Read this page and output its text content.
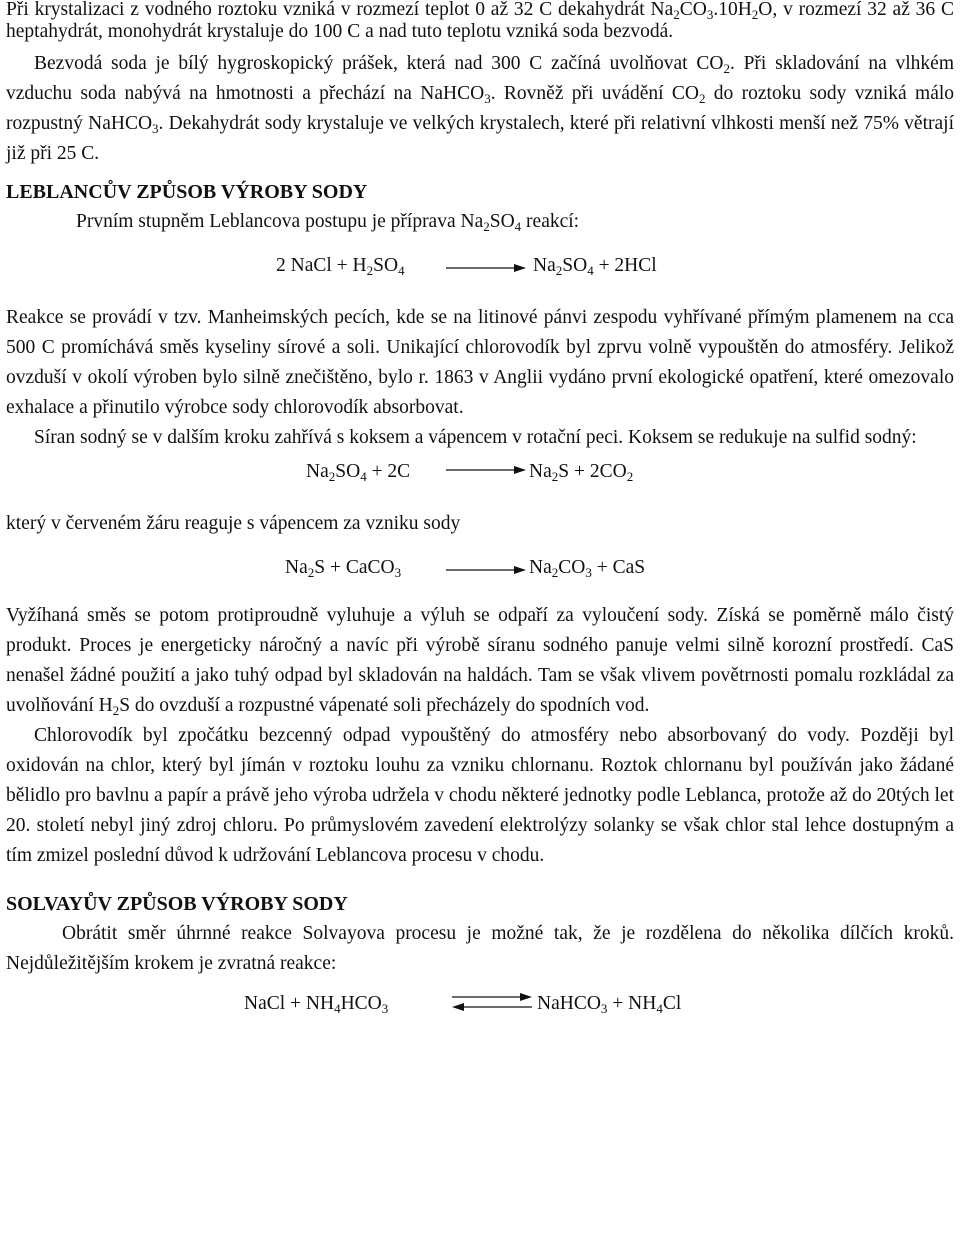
Při krystalizaci z vodného roztoku vzniká v rozmezí teplot 0 až 32 C dekahydrát $Na_2CO_3.10H_2O$, v rozmezí 32 až 36 C heptahydrát, monohydrát krystaluje do 100 C a nad tuto teplotu vzniká soda bezvodá.

Bezvodá soda je bílý hygroskopický prášek, která nad 300 C začíná uvolňovat $CO_2$. Při skladování na vlhkém vzduchu soda nabývá na hmotnosti a přechází na NaHCO$_3$. Rovněž při uvádění $CO_2$ do roztoku sody vzniká málo rozpustný NaHCO$_3$. Dekahydrát sody krystaluje ve velkých krystalech, které při relativní vlhkosti menší než 75% větrají již při 25 C.

LEBLANCŮV ZPŮSOB VÝROBY SODY

Prvním stupněm Leblancova postupu je příprava $Na_2SO_4$ reakcí:

2 NaCl + $H_2SO_4$	$Na_2SO_4 + 2HCl$

Reakce se provádí v tzv. Manheimských pecích, kde se na litinové pánvi zespodu vyhřívané přímým plamenem na cca 500 C promíchává směs kyseliny sírové a soli. Unikající chlorovodík byl zprvu volně vypouštěn do atmosféry. Jelikož ovzduší v okolí výroben bylo silně znečištěno, bylo r. 1863 v Anglii vydáno první ekologické opatření, které omezovalo exhalace a přinutilo výrobce sody chlorovodík absorbovat.

Síran sodný se v dalším kroku zahřívá s koksem a vápencem v rotační peci. Koksem se redukuje na sulfid sodný:

$Na_2SO_4 + 2C$	$Na_2S + 2CO_2$

který v červeném žáru reaguje s vápencem za vzniku sody

$Na_2S$ + CaCO$_3$	$Na_2CO_3$ + CaS

Vyžíhaná směs se potom protiproudně vyluhuje a výluh se odpaří za vyloučení sody. Získá se poměrně málo čistý produkt. Proces je energeticky náročný a navíc při výrobě síranu sodného panuje velmi silně korozní prostředí. CaS nenašel žádné použití a jako tuhý odpad byl skladován na haldách. Tam se však vlivem povětrnosti pomalu rozkládal za uvolňování $H_2S$ do ovzduší a rozpustné vápenaté soli přecházely do spodních vod.

Chlorovodík byl zpočátku bezcenný odpad vypouštěný do atmosféry nebo absorbovaný do vody. Později byl oxidován na chlor, který byl jímán v roztoku louhu za vzniku chlornanu. Roztok chlornanu byl používán jako žádané bělidlo pro bavlnu a papír a právě jeho výroba udržela v chodu některé jednotky podle Leblanca, protože až do 20tých let 20. století nebyl jiný zdroj chloru. Po průmyslovém zavedení elektrolýzy solanky se však chlor stal lehce dostupným a tím zmizel poslední důvod k udržování Leblancova procesu v chodu.

SOLVAYŮV ZPŮSOB VÝROBY SODY

Obrátit směr úhrnné reakce Solvayova procesu je možné tak, že je rozdělena do několika dílčích kroků. Nejdůležitějším krokem je zvratná reakce:

NaCl + $NH_4HCO_3$	NaHCO$_3$ + $NH_4Cl$
